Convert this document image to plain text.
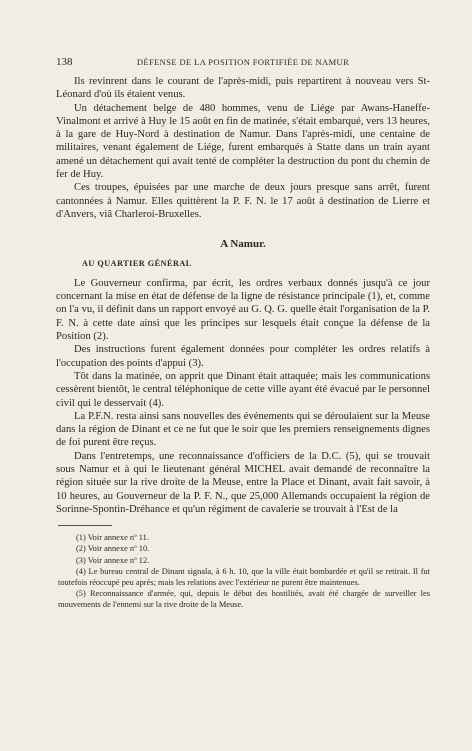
138	DÉFENSE DE LA POSITION FORTIFIÉE DE NAMUR

Ils revinrent dans le courant de l'après-midi, puis repartirent à nouveau vers St-Léonard d'où ils étaient venus.

Un détachement belge de 480 hommes, venu de Liége par Awans-Haneffe-Vinalmont et arrivé à Huy le 15 août en fin de matinée, s'était embarqué, vers 13 heures, à la gare de Huy-Nord à destination de Namur. Dans l'après-midi, une centaine de militaires, venant également de Liége, furent embarqués à Statte dans un train ayant amené un détachement qui avait tenté de compléter la destruction du pont du chemin de fer de Huy.

Ces troupes, épuisées par une marche de deux jours presque sans arrêt, furent cantonnées à Namur. Elles quittèrent la P. F. N. le 17 août à destination de Lierre et d'Anvers, viâ Charleroi-Bruxelles.

A Namur.
AU QUARTIER GÉNÉRAL

Le Gouverneur confirma, par écrit, les ordres verbaux donnés jusqu'à ce jour concernant la mise en état de défense de la ligne de résistance principale (1), et, comme on l'a vu, il définit dans un rapport envoyé au G. Q. G. quelle était l'organisation de la P. F. N. à cette date ainsi que les principes sur lesquels était conçue la défense de la Position (2).

Des instructions furent également données pour compléter les ordres relatifs à l'occupation des points d'appui (3).

Tôt dans la matinée, on apprit que Dinant était attaquée; mais les communications cessèrent bientôt, le central téléphonique de cette ville ayant été évacué par le personnel civil qui le desservait (4).

La P.F.N. resta ainsi sans nouvelles des événements qui se déroulaient sur la Meuse dans la région de Dinant et ce ne fut que le soir que les premiers renseignements dignes de foi purent être reçus.

Dans l'entretemps, une reconnaissance d'officiers de la D.C. (5), qui se trouvait sous Namur et à qui le lieutenant général MICHEL avait demandé de reconnaître la région située sur la rive droite de la Meuse, entre la Place et Dinant, avait fait savoir, à 10 heures, au Gouverneur de la P. F. N., que 25,000 Allemands occupaient la région de Sorinne-Spontin-Dréhance et qu'un régiment de cavalerie se trouvait à l'Est de la

(1) Voir annexe nº 11.

(2) Voir annexe nº 10.

(3) Voir annexe nº 12.

(4) Le bureau central de Dinant signala, à 6 h. 10, que la ville était bombardée et qu'il se retirait. Il fut toutefois réoccupé peu après; mais les relations avec l'extérieur ne purent être maintenues.

(5) Reconnaissance d'armée, qui, depuis le début des hostilités, avait été chargée de surveiller les mouvements de l'ennemi sur la rive droite de la Meuse.
